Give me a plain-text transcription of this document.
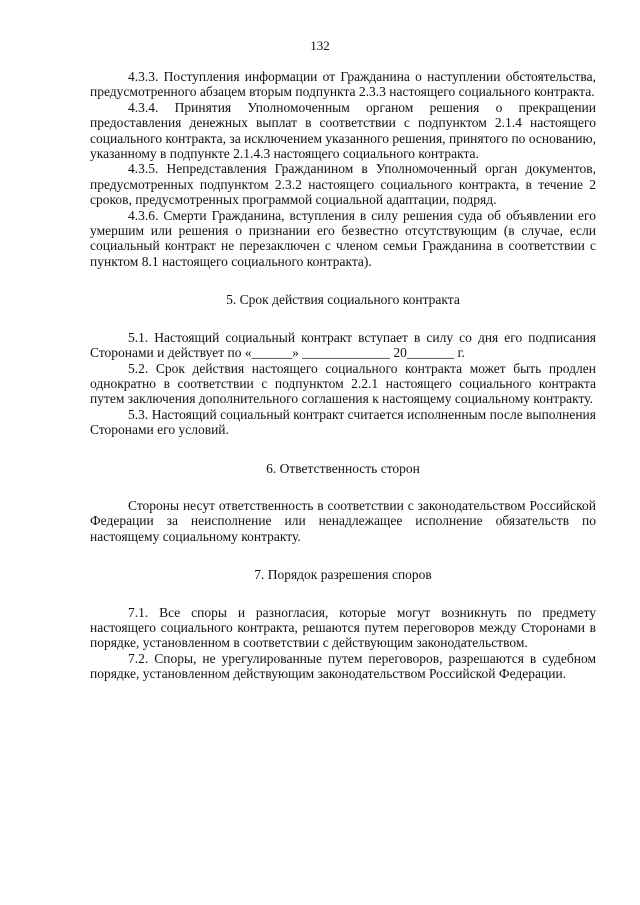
132

4.3.3. Поступления информации от Гражданина о наступлении обстоятельства, предусмотренного абзацем вторым подпункта 2.3.3 настоящего социального контракта.

4.3.4. Принятия Уполномоченным органом решения о прекращении предоставления денежных выплат в соответствии с подпунктом 2.1.4 настоящего социального контракта, за исключением указанного решения, принятого по основанию, указанному в подпункте 2.1.4.3 настоящего социального контракта.

4.3.5. Непредставления Гражданином в Уполномоченный орган документов, предусмотренных подпунктом 2.3.2 настоящего социального контракта, в течение 2 сроков, предусмотренных программой социальной адаптации, подряд.

4.3.6. Смерти Гражданина, вступления в силу решения суда об объявлении его умершим или решения о признании его безвестно отсутствующим (в случае, если социальный контракт не перезаключен с членом семьи Гражданина в соответствии с пунктом 8.1 настоящего социального контракта).

5. Срок действия социального контракта

5.1. Настоящий социальный контракт вступает в силу со дня его подписания Сторонами и действует по «______» _____________ 20_______ г.

5.2. Срок действия настоящего социального контракта может быть продлен однократно в соответствии с подпунктом 2.2.1 настоящего социального контракта путем заключения дополнительного соглашения к настоящему социальному контракту.

5.3. Настоящий социальный контракт считается исполненным после выполнения Сторонами его условий.

6. Ответственность сторон

Стороны несут ответственность в соответствии с законодательством Российской Федерации за неисполнение или ненадлежащее исполнение обязательств по настоящему социальному контракту.

7. Порядок разрешения споров

7.1. Все споры и разногласия, которые могут возникнуть по предмету настоящего социального контракта, решаются путем переговоров между Сторонами в порядке, установленном в соответствии с действующим законодательством.

7.2. Споры, не урегулированные путем переговоров, разрешаются в судебном порядке, установленном действующим законодательством Российской Федерации.
